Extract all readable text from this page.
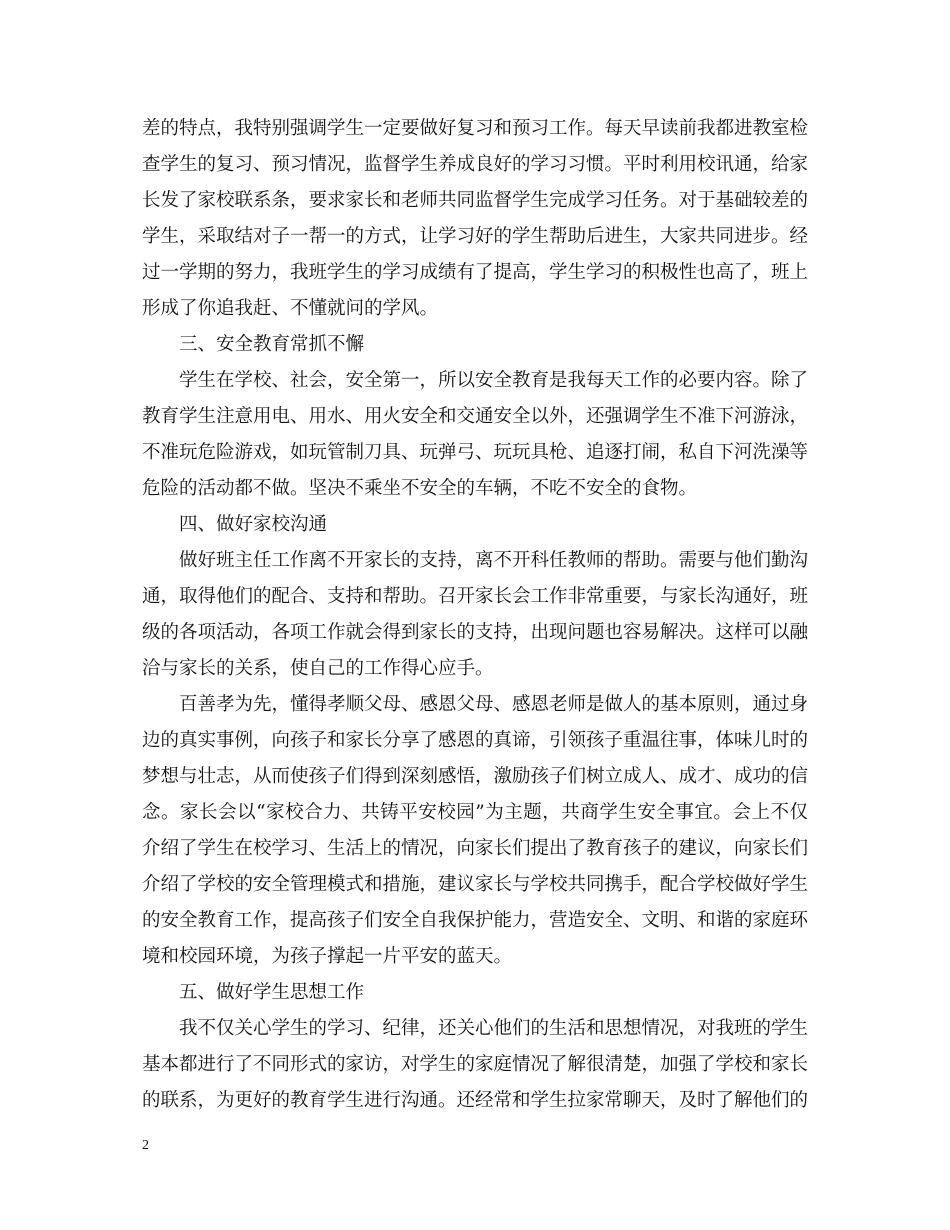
差的特点，我特别强调学生一定要做好复习和预习工作。每天早读前我都进教室检
查学生的复习、预习情况，监督学生养成良好的学习习惯。平时利用校讯通，给家
长发了家校联系条，要求家长和老师共同监督学生完成学习任务。对于基础较差的
学生，采取结对子一帮一的方式，让学习好的学生帮助后进生，大家共同进步。经
过一学期的努力，我班学生的学习成绩有了提高，学生学习的积极性也高了，班上
形成了你追我赶、不懂就问的学风。
三、安全教育常抓不懈
学生在学校、社会，安全第一，所以安全教育是我每天工作的必要内容。除了
教育学生注意用电、用水、用火安全和交通安全以外，还强调学生不准下河游泳，
不准玩危险游戏，如玩管制刀具、玩弹弓、玩玩具枪、追逐打闹，私自下河洗澡等
危险的活动都不做。坚决不乘坐不安全的车辆，不吃不安全的食物。
四、做好家校沟通
做好班主任工作离不开家长的支持，离不开科任教师的帮助。需要与他们勤沟
通，取得他们的配合、支持和帮助。召开家长会工作非常重要，与家长沟通好，班
级的各项活动，各项工作就会得到家长的支持，出现问题也容易解决。这样可以融
洽与家长的关系，使自己的工作得心应手。
百善孝为先，懂得孝顺父母、感恩父母、感恩老师是做人的基本原则，通过身
边的真实事例，向孩子和家长分享了感恩的真谛，引领孩子重温往事，体味儿时的
梦想与壮志，从而使孩子们得到深刻感悟，激励孩子们树立成人、成才、成功的信
念。家长会以“家校合力、共铸平安校园”为主题，共商学生安全事宜。会上不仅
介绍了学生在校学习、生活上的情况，向家长们提出了教育孩子的建议，向家长们
介绍了学校的安全管理模式和措施，建议家长与学校共同携手，配合学校做好学生
的安全教育工作，提高孩子们安全自我保护能力，营造安全、文明、和谐的家庭环
境和校园环境，为孩子撑起一片平安的蓝天。
五、做好学生思想工作
我不仅关心学生的学习、纪律，还关心他们的生活和思想情况，对我班的学生
基本都进行了不同形式的家访，对学生的家庭情况了解很清楚，加强了学校和家长
的联系，为更好的教育学生进行沟通。还经常和学生拉家常聊天，及时了解他们的
2
